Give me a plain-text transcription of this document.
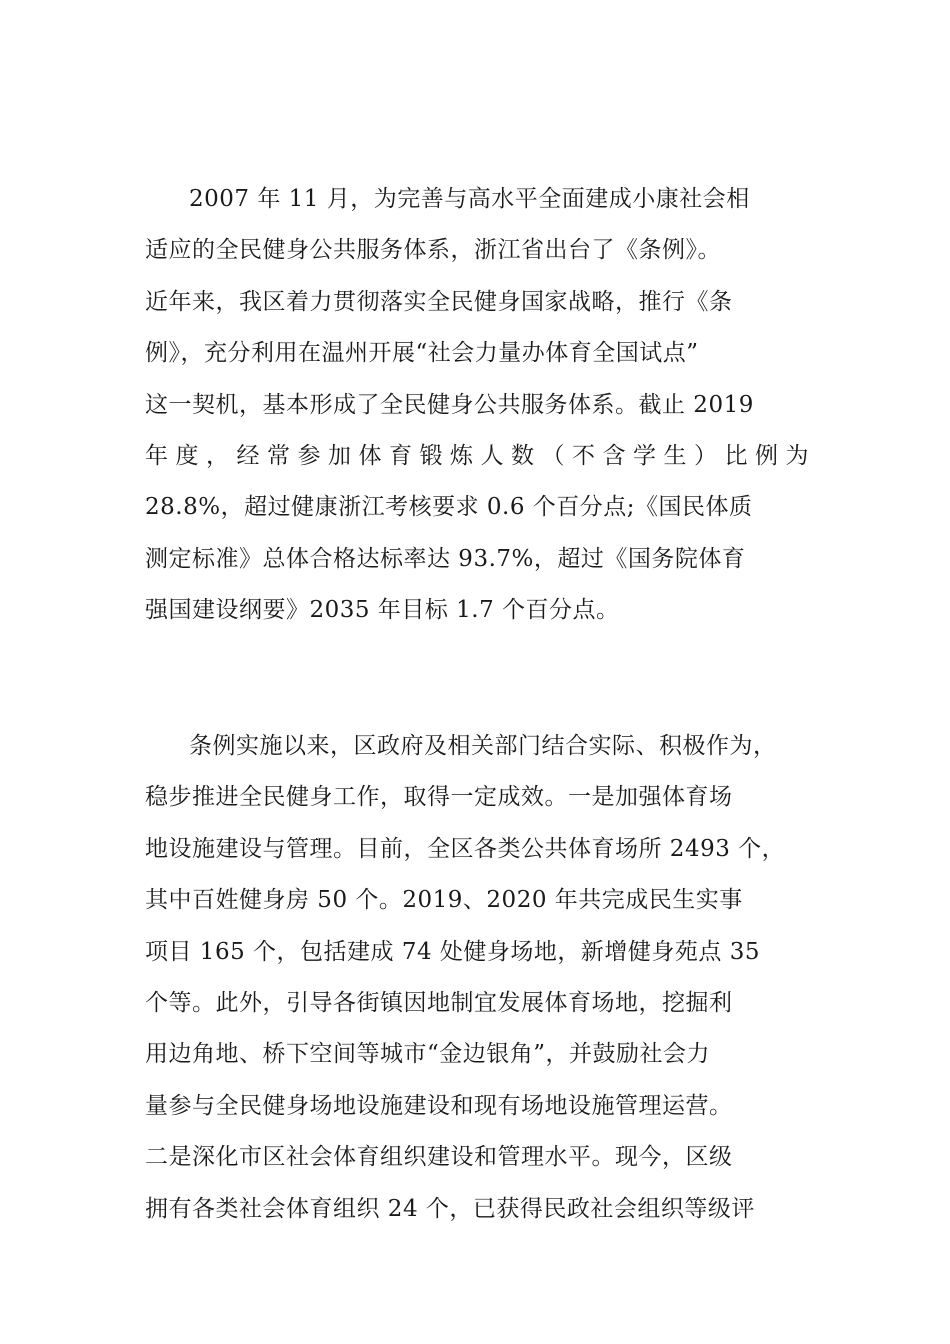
2007 年 11 月，为完善与高水平全面建成小康社会相
适应的全民健身公共服务体系，浙江省出台了《条例》。
近年来，我区着力贯彻落实全民健身国家战略，推行《条
例》，充分利用在温州开展“社会力量办体育全国试点”
这一契机，基本形成了全民健身公共服务体系。截止 2019
年度，经常参加体育锻炼人数（不含学生）比例为
28.8%，超过健康浙江考核要求 0.6 个百分点;《国民体质
测定标准》总体合格达标率达 93.7%，超过《国务院体育
强国建设纲要》2035 年目标 1.7 个百分点。
条例实施以来，区政府及相关部门结合实际、积极作为，
稳步推进全民健身工作，取得一定成效。一是加强体育场
地设施建设与管理。目前，全区各类公共体育场所 2493 个，
其中百姓健身房 50 个。2019、2020 年共完成民生实事
项目 165 个，包括建成 74 处健身场地，新增健身苑点 35
个等。此外，引导各街镇因地制宜发展体育场地，挖掘利
用边角地、桥下空间等城市“金边银角”，并鼓励社会力
量参与全民健身场地设施建设和现有场地设施管理运营。
二是深化市区社会体育组织建设和管理水平。现今，区级
拥有各类社会体育组织 24 个，已获得民政社会组织等级评
